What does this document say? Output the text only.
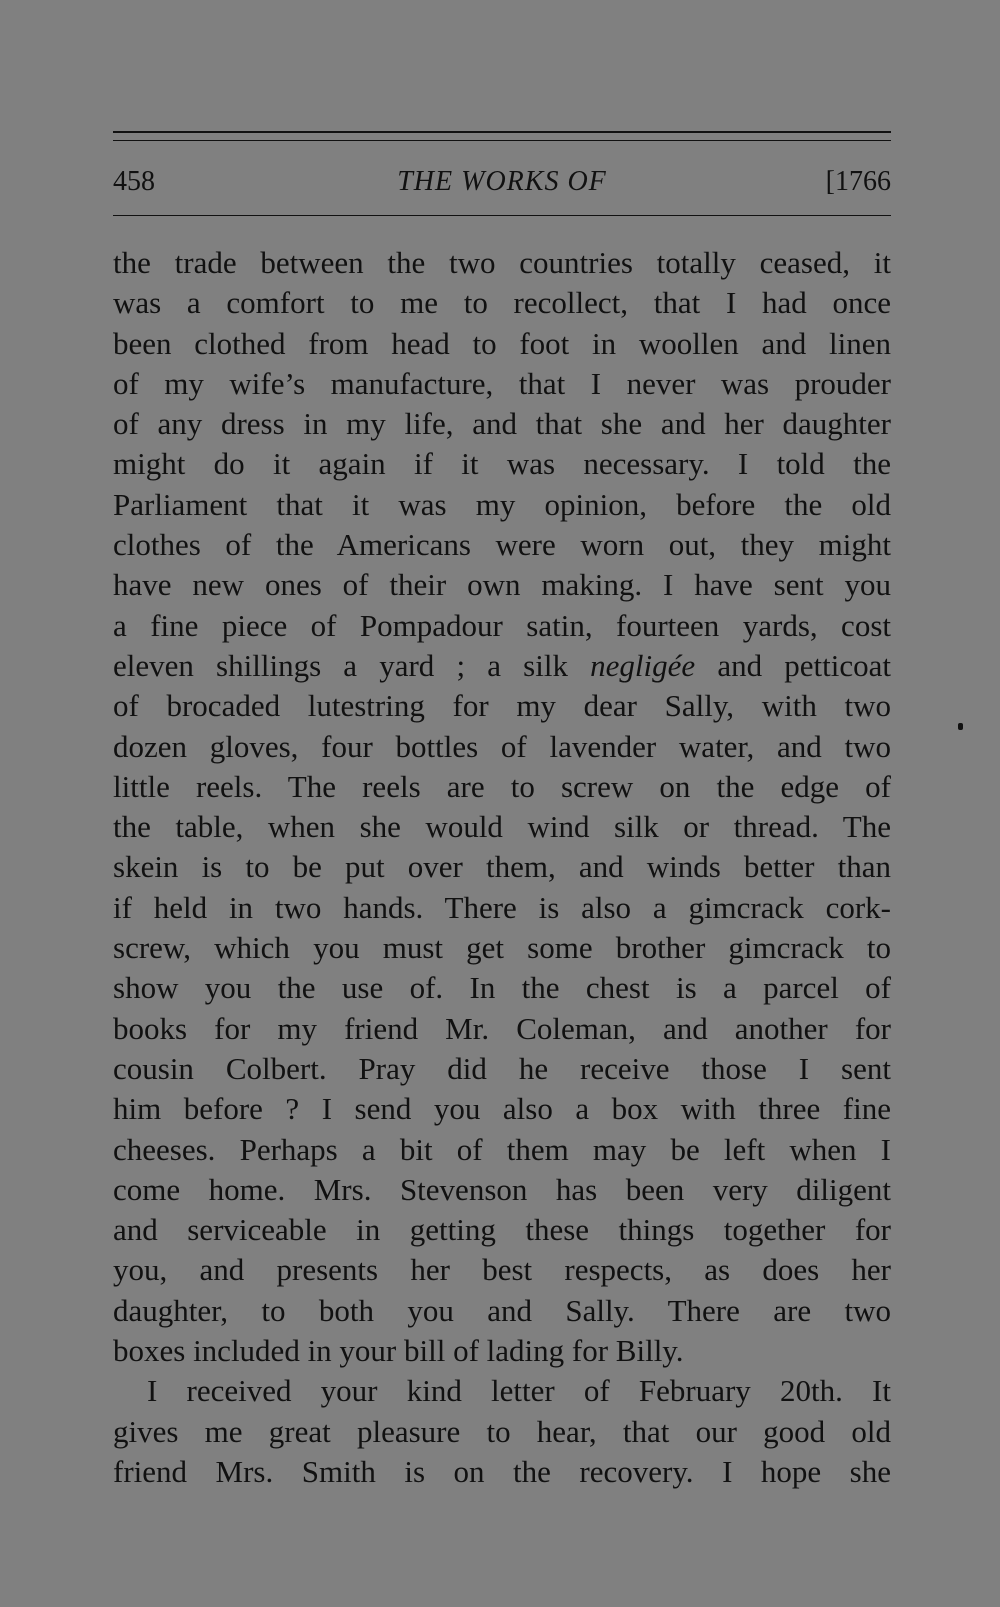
458	THE WORKS OF	[1766
the trade between the two countries totally ceased, it
was a comfort to me to recollect, that I had once
been clothed from head to foot in woollen and linen
of my wife’s manufacture, that I never was prouder
of any dress in my life, and that she and her daughter
might do it again if it was necessary. I told the
Parliament that it was my opinion, before the old
clothes of the Americans were worn out, they might
have new ones of their own making. I have sent you
a fine piece of Pompadour satin, fourteen yards, cost
eleven shillings a yard ; a silk negligée and petticoat
of brocaded lutestring for my dear Sally, with two
dozen gloves, four bottles of lavender water, and two
little reels. The reels are to screw on the edge of
the table, when she would wind silk or thread. The
skein is to be put over them, and winds better than
if held in two hands. There is also a gimcrack cork-
screw, which you must get some brother gimcrack to
show you the use of. In the chest is a parcel of
books for my friend Mr. Coleman, and another for
cousin Colbert. Pray did he receive those I sent
him before ? I send you also a box with three fine
cheeses. Perhaps a bit of them may be left when I
come home. Mrs. Stevenson has been very diligent
and serviceable in getting these things together for
you, and presents her best respects, as does her
daughter, to both you and Sally. There are two
boxes included in your bill of lading for Billy.
I received your kind letter of February 20th. It
gives me great pleasure to hear, that our good old
friend Mrs. Smith is on the recovery. I hope she
